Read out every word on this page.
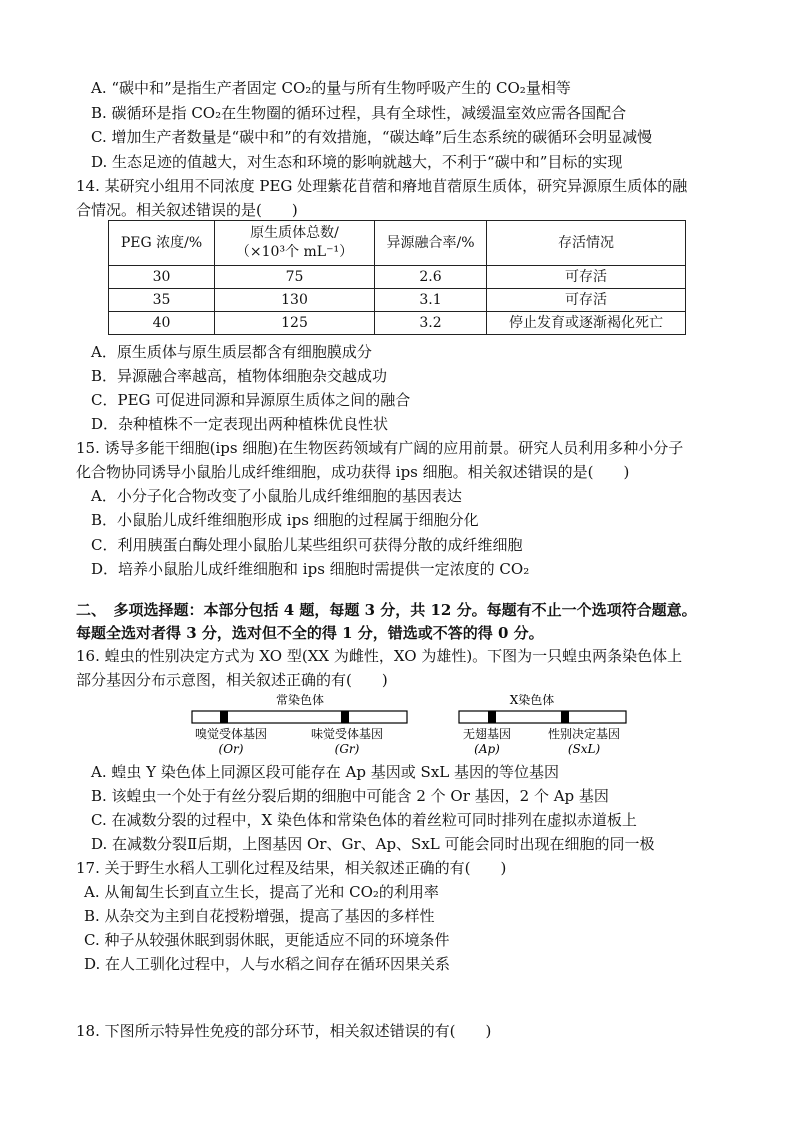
A. “碳中和”是指生产者固定 CO₂的量与所有生物呼吸产生的 CO₂量相等
B. 碳循环是指 CO₂在生物圈的循环过程，具有全球性，减缓温室效应需各国配合
C. 增加生产者数量是“碳中和”的有效措施，“碳达峰”后生态系统的碳循环会明显减慢
D. 生态足迹的值越大，对生态和环境的影响就越大，不利于“碳中和”目标的实现
14. 某研究小组用不同浓度 PEG 处理紫花苜蓿和瘠地苜蓿原生质体，研究异源原生质体的融
合情况。相关叙述错误的是(　　)
PEG 浓度/%	原生质体总数/
（×10³个 mL⁻¹）	异源融合率/%	存活情况
30	75	2.6	可存活
35	130	3.1	可存活
40	125	3.2	停止发育或逐渐褐化死亡
A．原生质体与原生质层都含有细胞膜成分
B．异源融合率越高，植物体细胞杂交越成功
C．PEG 可促进同源和异源原生质体之间的融合
D．杂种植株不一定表现出两种植株优良性状
15. 诱导多能干细胞(ips 细胞)在生物医药领域有广阔的应用前景。研究人员利用多种小分子
化合物协同诱导小鼠胎儿成纤维细胞，成功获得 ips 细胞。相关叙述错误的是(　　)
A．小分子化合物改变了小鼠胎儿成纤维细胞的基因表达
B．小鼠胎儿成纤维细胞形成 ips 细胞的过程属于细胞分化
C．利用胰蛋白酶处理小鼠胎儿某些组织可获得分散的成纤维细胞
D．培养小鼠胎儿成纤维细胞和 ips 细胞时需提供一定浓度的 CO₂
二、　多项选择题：本部分包括 4 题，每题 3 分，共 12 分。每题有不止一个选项符合题意。
每题全选对者得 3 分，选对但不全的得 1 分，错选或不答的得 0 分。
16. 蝗虫的性别决定方式为 XO 型(XX 为雌性，XO 为雄性)。下图为一只蝗虫两条染色体上
部分基因分布示意图，相关叙述正确的有(　　)
常染色体
嗅觉受体基因
(Or)
味觉受体基因
(Gr)
X染色体
无翅基因
(Ap)
性别决定基因
(SxL)
A. 蝗虫 Y 染色体上同源区段可能存在 Ap 基因或 SxL 基因的等位基因
B. 该蝗虫一个处于有丝分裂后期的细胞中可能含 2 个 Or 基因，2 个 Ap 基因
C. 在减数分裂的过程中，X 染色体和常染色体的着丝粒可同时排列在虚拟赤道板上
D. 在减数分裂Ⅱ后期，上图基因 Or、Gr、Ap、SxL 可能会同时出现在细胞的同一极
17. 关于野生水稻人工驯化过程及结果，相关叙述正确的有(　　)
A. 从匍匐生长到直立生长，提高了光和 CO₂的利用率
B. 从杂交为主到自花授粉增强，提高了基因的多样性
C. 种子从较强休眠到弱休眠，更能适应不同的环境条件
D. 在人工驯化过程中，人与水稻之间存在循环因果关系
18. 下图所示特异性免疫的部分环节，相关叙述错误的有(　　)
